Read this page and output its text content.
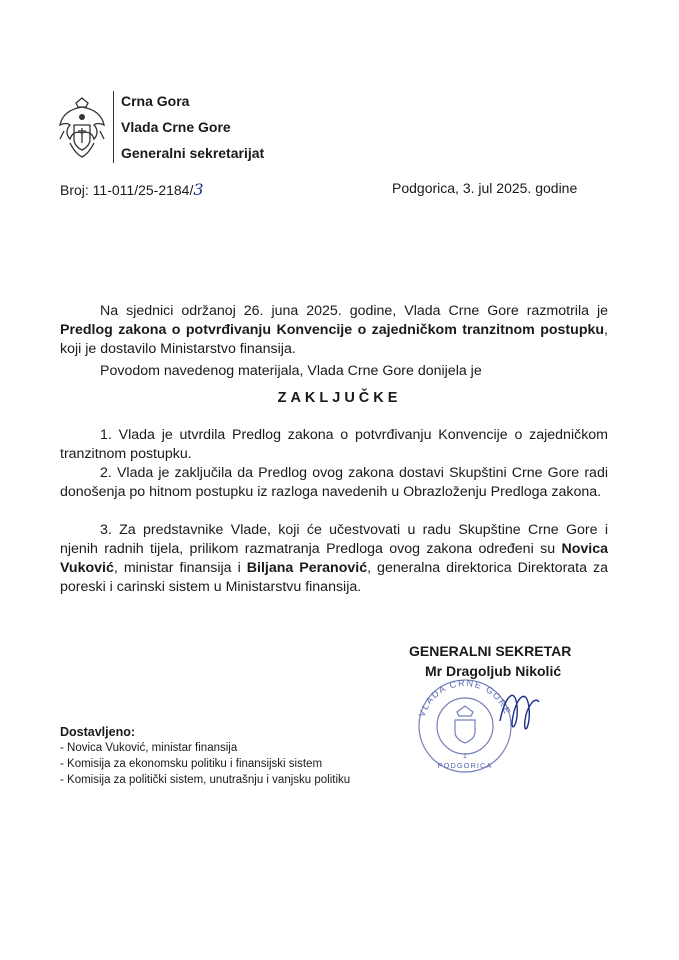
Crna Gora
Vlada Crne Gore
Generalni sekretarijat
Broj: 11-011/25-2184/3	Podgorica, 3. jul 2025. godine
Na sjednici održanoj 26. juna 2025. godine, Vlada Crne Gore razmotrila je Predlog zakona o potvrđivanju Konvencije o zajedničkom tranzitnom postupku, koji je dostavilo Ministarstvo finansija.
Povodom navedenog materijala, Vlada Crne Gore donijela je
ZAKLJUČKE
1. Vlada je utvrdila Predlog zakona o potvrđivanju Konvencije o zajedničkom tranzitnom postupku.
2. Vlada je zaključila da Predlog ovog zakona dostavi Skupštini Crne Gore radi donošenja po hitnom postupku iz razloga navedenih u Obrazloženju Predloga zakona.
3. Za predstavnike Vlade, koji će učestvovati u radu Skupštine Crne Gore i njenih radnih tijela, prilikom razmatranja Predloga ovog zakona određeni su Novica Vuković, ministar finansija i Biljana Peranović, generalna direktorica Direktorata za poreski i carinski sistem u Ministarstvu finansija.
GENERALNI SEKRETAR
Mr Dragoljub Nikolić
VLADA CRNE GORE
1
PODGORICA
Dostavljeno:
- Novica Vuković, ministar finansija
- Komisija za ekonomsku politiku i finansijski sistem
- Komisija za politički sistem, unutrašnju i vanjsku politiku
